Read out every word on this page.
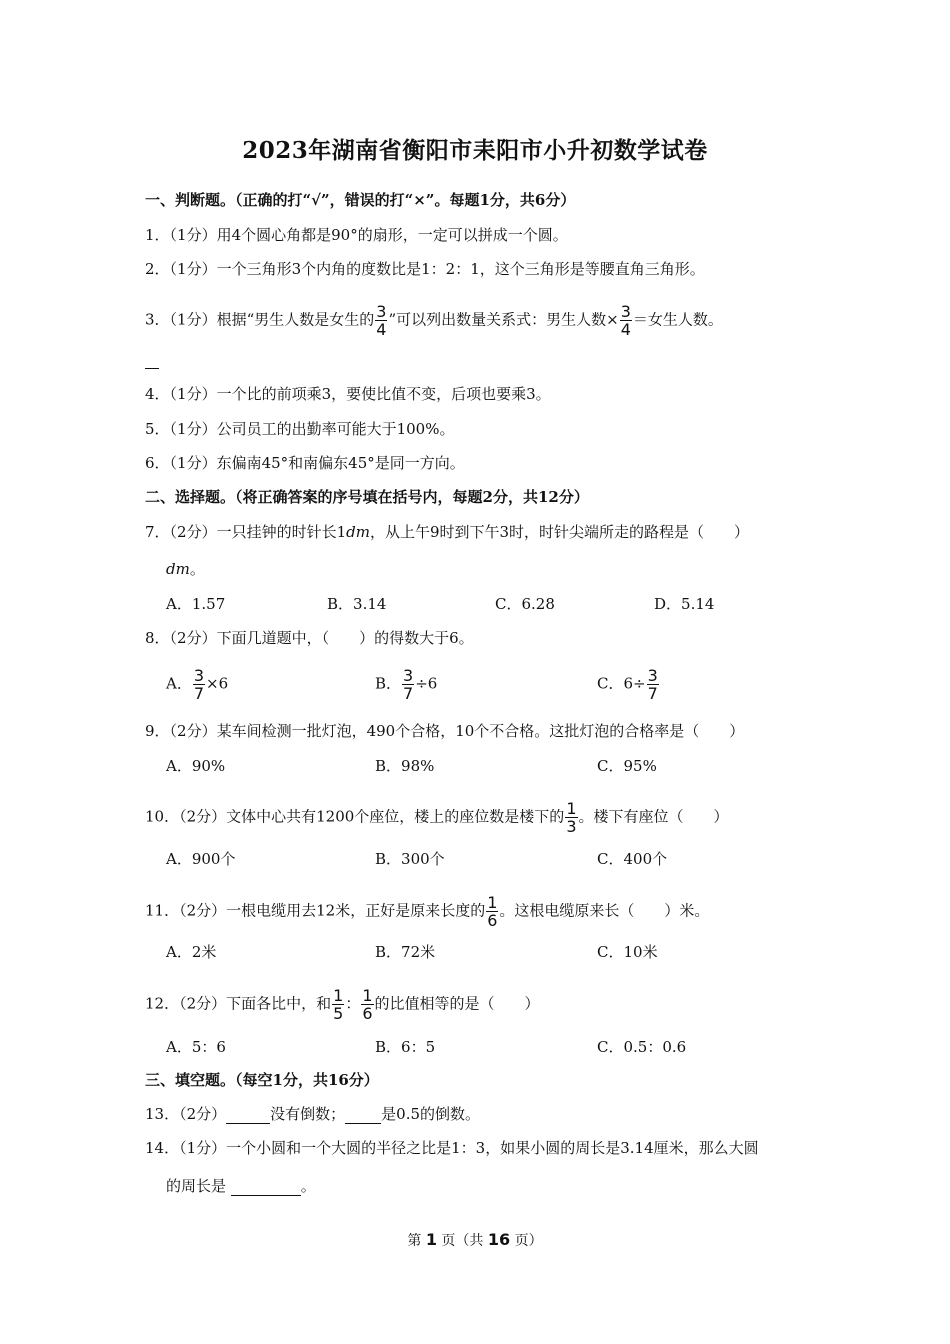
2023年湖南省衡阳市耒阳市小升初数学试卷
一、判断题。（正确的打“√”，错误的打“×”。每题1分，共6分）
1．（1分）用4个圆心角都是90°的扇形，一定可以拼成一个圆。
2．（1分）一个三角形3个内角的度数比是1：2：1，这个三角形是等腰直角三角形。
3．（1分）根据“男生人数是女生的 $\frac{3}{4}$ ”可以列出数量关系式：男生人数× $\frac{3}{4}$ ＝女生人数。
4．（1分）一个比的前项乘3，要使比值不变，后项也要乘3。
5．（1分）公司员工的出勤率可能大于100%。
6．（1分）东偏南45°和南偏东45°是同一方向。
二、选择题。（将正确答案的序号填在括号内，每题2分，共12分）
7．（2分）一只挂钟的时针长1dm，从上午9时到下午3时，时针尖端所走的路程是（　　）
dm。
A．1.57	B．3.14	C．6.28	D．5.14
8．（2分）下面几道题中，（　　）的得数大于6。
A． $\frac{3}{7} \times 6$	B． $\frac{3}{7} \div 6$	C．$6\div \frac{3}{7}$
9．（2分）某车间检测一批灯泡，490个合格，10个不合格。这批灯泡的合格率是（　　）
A．90%	B．98%	C．95%
10．（2分）文体中心共有1200个座位，楼上的座位数是楼下的 $\frac{1}{3}$ 。楼下有座位（　　）
A．900个	B．300个	C．400个
11．（2分）一根电缆用去12米，正好是原来长度的 $\frac{1}{6}$ 。这根电缆原来长（　　）米。
A．2米	B．72米	C．10米
12．（2分）下面各比中，和 $\frac{1}{5}$ ： $\frac{1}{6}$ 的比值相等的是（　　）
A．5：6	B．6：5	C．0.5：0.6
三、填空题。（每空1分，共16分）
13．（2分）	没有倒数； 是0.5的倒数。
14．（1分）一个小圆和一个大圆的半径之比是1：3，如果小圆的周长是3.14厘米，那么大圆
的周长是	。
第 1 页（共 16 页）
